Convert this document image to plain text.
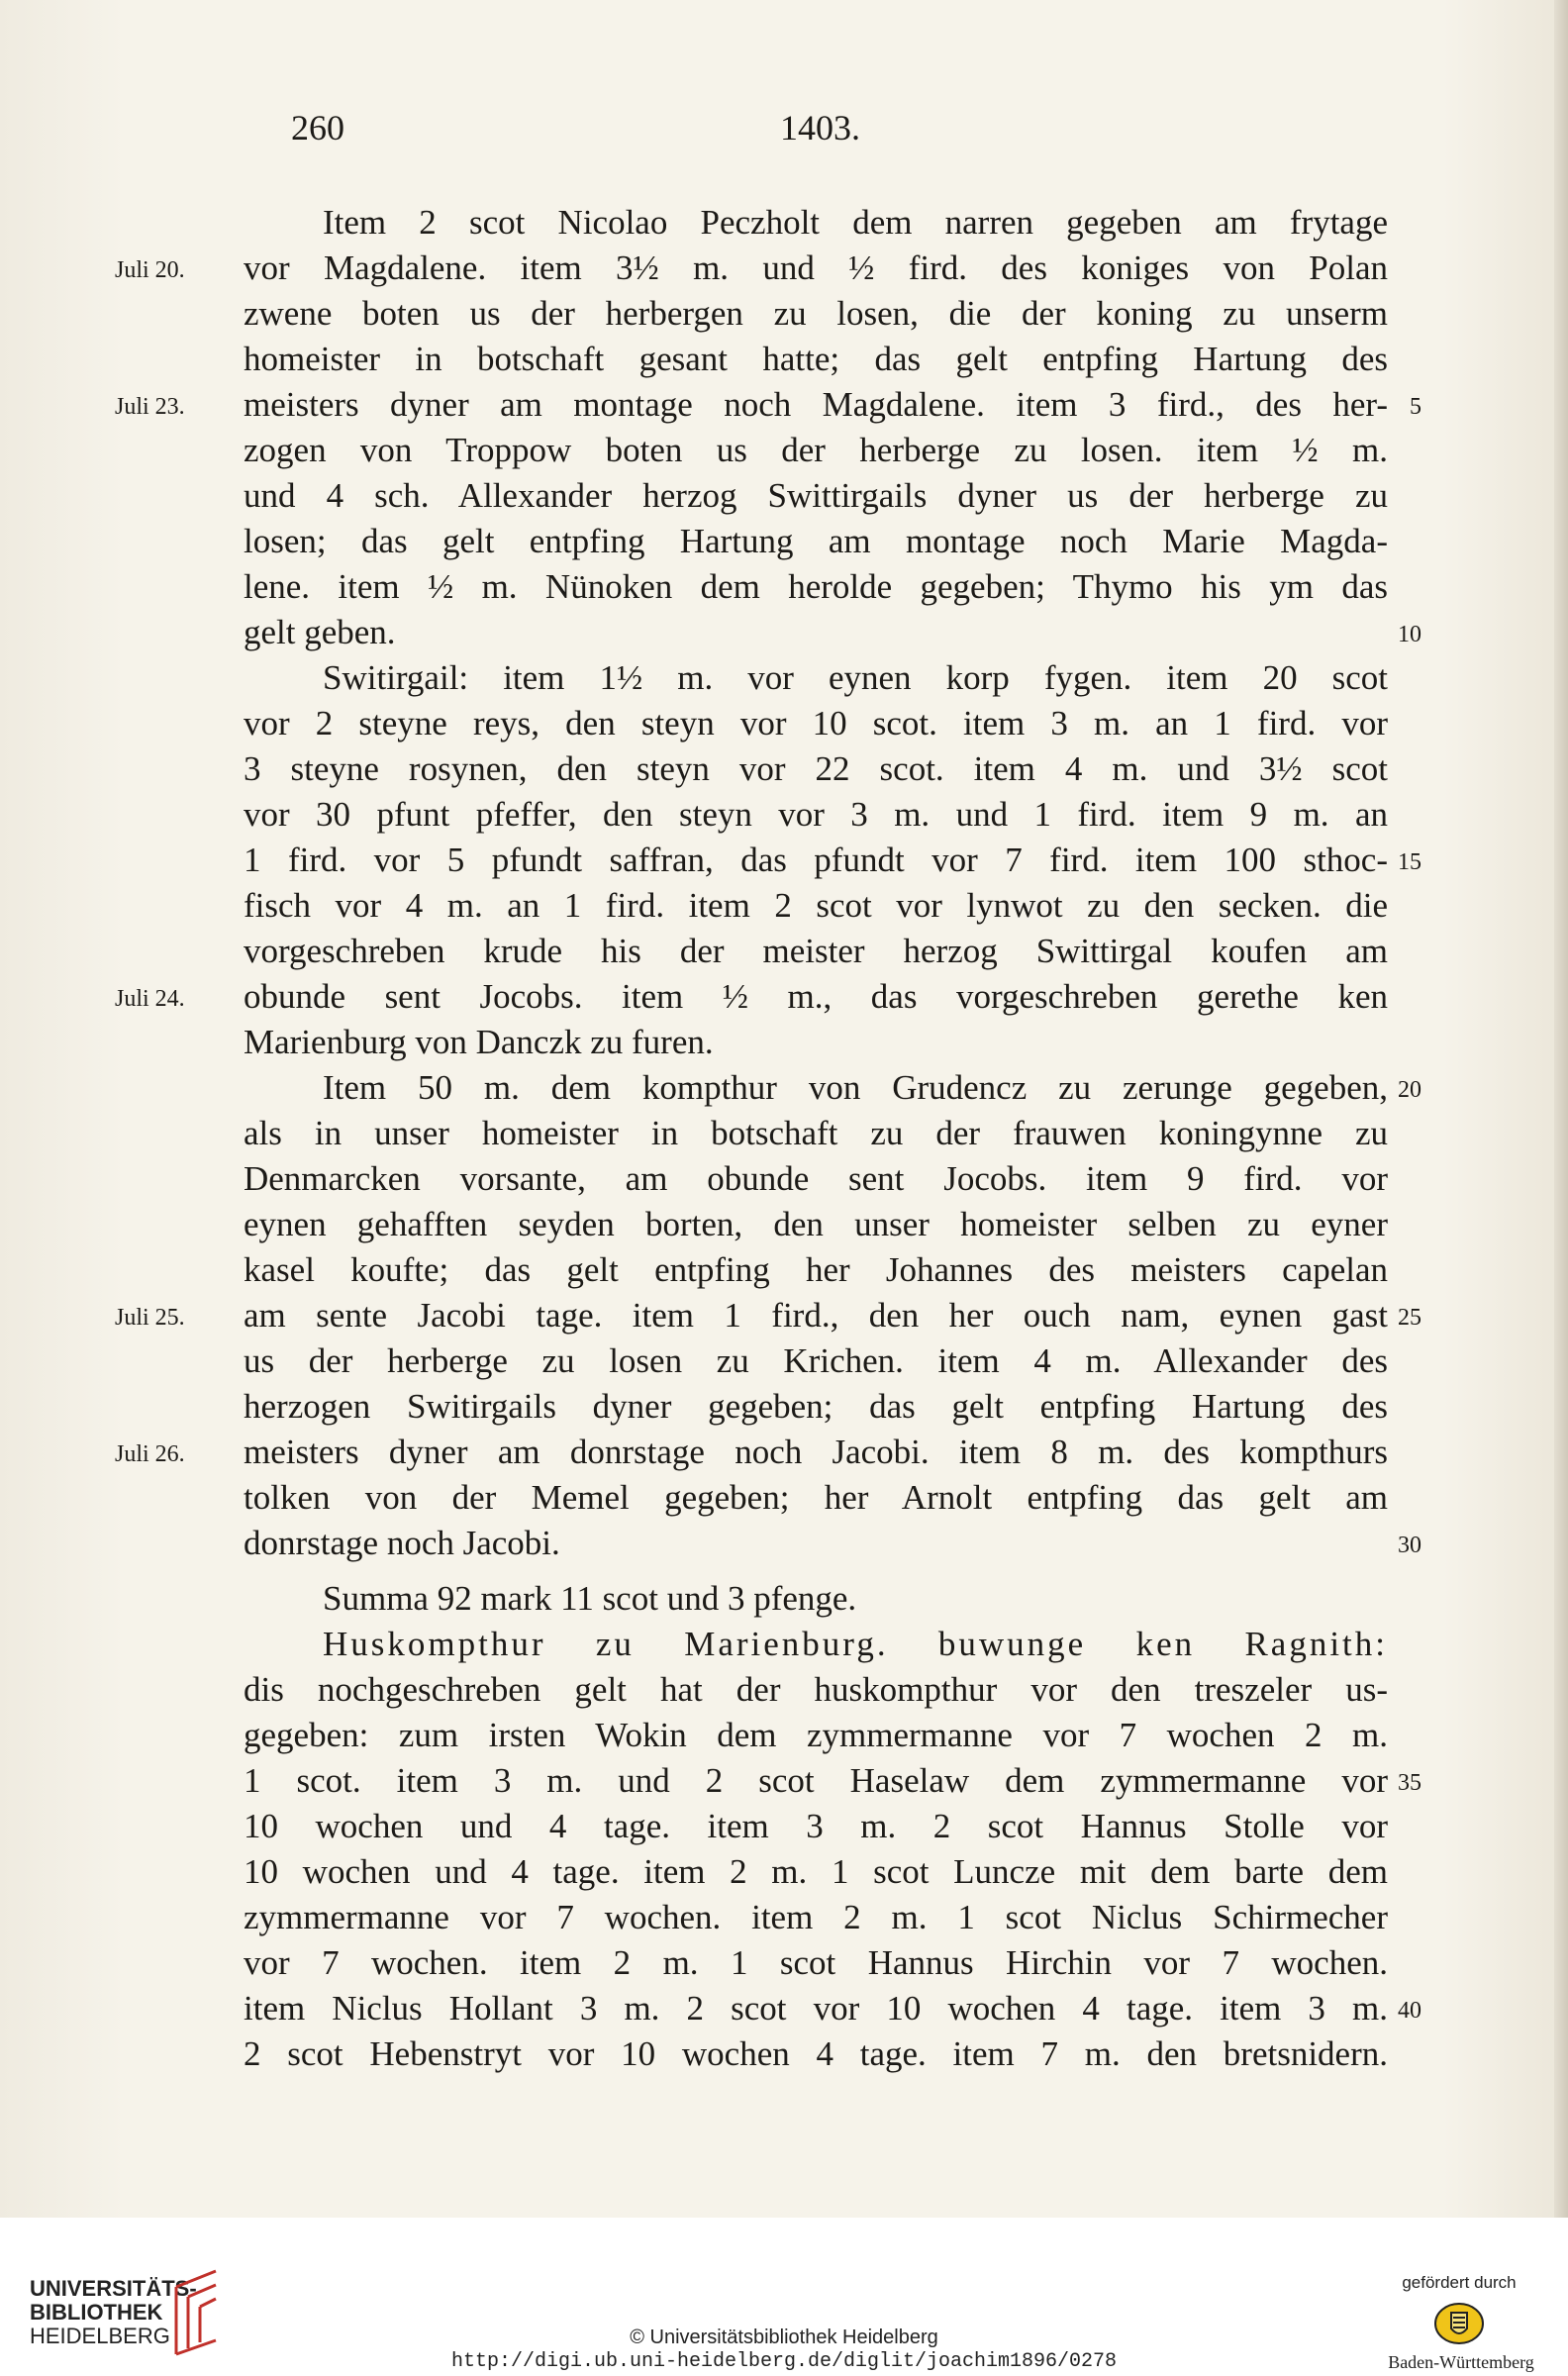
260	1403.
Item 2 scot Nicolao Peczholt dem narren gegeben am frytage
vor Magdalene. item 3½ m. und ½ fird. des koniges von Polan
zwene boten us der herbergen zu losen, die der koning zu unserm
homeister in botschaft gesant hatte; das gelt entpfing Hartung des
meisters dyner am montage noch Magdalene. item 3 fird., des her-
zogen von Troppow boten us der herberge zu losen. item ½ m.
und 4 sch. Allexander herzog Swittirgails dyner us der herberge zu
losen; das gelt entpfing Hartung am montage noch Marie Magda-
lene. item ½ m. Nünoken dem herolde gegeben; Thymo his ym das
gelt geben.
Switirgail: item 1½ m. vor eynen korp fygen. item 20 scot
vor 2 steyne reys, den steyn vor 10 scot. item 3 m. an 1 fird. vor
3 steyne rosynen, den steyn vor 22 scot. item 4 m. und 3½ scot
vor 30 pfunt pfeffer, den steyn vor 3 m. und 1 fird. item 9 m. an
1 fird. vor 5 pfundt saffran, das pfundt vor 7 fird. item 100 sthoc-
fisch vor 4 m. an 1 fird. item 2 scot vor lynwot zu den secken. die
vorgeschreben krude his der meister herzog Swittirgal koufen am
obunde sent Jocobs. item ½ m., das vorgeschreben gerethe ken
Marienburg von Danczk zu furen.
Item 50 m. dem kompthur von Grudencz zu zerunge gegeben,
als in unser homeister in botschaft zu der frauwen koningynne zu
Denmarcken vorsante, am obunde sent Jocobs. item 9 fird. vor
eynen gehafften seyden borten, den unser homeister selben zu eyner
kasel koufte; das gelt entpfing her Johannes des meisters capelan
am sente Jacobi tage. item 1 fird., den her ouch nam, eynen gast
us der herberge zu losen zu Krichen. item 4 m. Allexander des
herzogen Switirgails dyner gegeben; das gelt entpfing Hartung des
meisters dyner am donrstage noch Jacobi. item 8 m. des kompthurs
tolken von der Memel gegeben; her Arnolt entpfing das gelt am
donrstage noch Jacobi.
Summa 92 mark 11 scot und 3 pfenge.
Huskompthur zu Marienburg. buwunge ken Ragnith:
dis nochgeschreben gelt hat der huskompthur vor den treszeler us-
gegeben: zum irsten Wokin dem zymmermanne vor 7 wochen 2 m.
1 scot. item 3 m. und 2 scot Haselaw dem zymmermanne vor
10 wochen und 4 tage. item 3 m. 2 scot Hannus Stolle vor
10 wochen und 4 tage. item 2 m. 1 scot Luncze mit dem barte dem
zymmermanne vor 7 wochen. item 2 m. 1 scot Niclus Schirmecher
vor 7 wochen. item 2 m. 1 scot Hannus Hirchin vor 7 wochen.
item Niclus Hollant 3 m. 2 scot vor 10 wochen 4 tage. item 3 m.
2 scot Hebenstryt vor 10 wochen 4 tage. item 7 m. den bretsnidern.
Juli 20.
Juli 23.
Juli 24.
Juli 25.
Juli 26.
5
10
15
20
25
30
35
40
UNIVERSITÄTS-
BIBLIOTHEK
HEIDELBERG	© Universitätsbibliothek Heidelberg
http://digi.ub.uni-heidelberg.de/diglit/joachim1896/0278
gefördert durch
Baden-Württemberg
